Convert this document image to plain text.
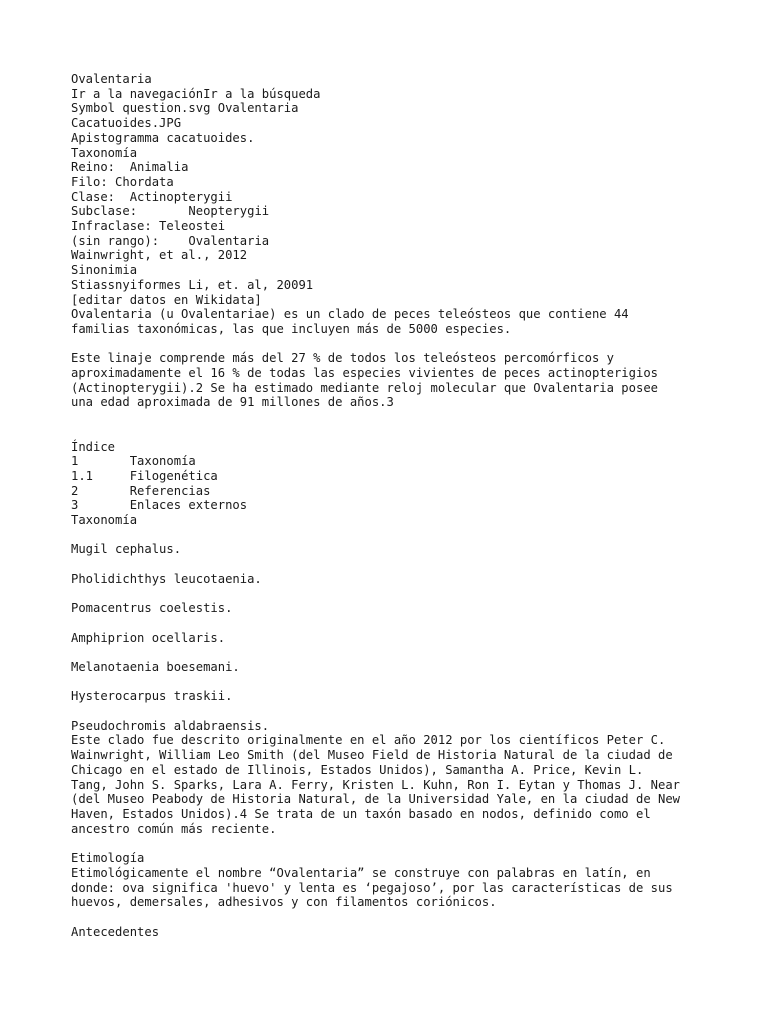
Ovalentaria
Ir a la navegaciónIr a la búsqueda
Symbol question.svg Ovalentaria
Cacatuoides.JPG
Apistogramma cacatuoides.
Taxonomía
Reino:	Animalia
Filo: Chordata
Clase:	Actinopterygii
Subclase:	Neopterygii
Infraclase: Teleostei
(sin rango):	Ovalentaria
Wainwright, et al., 2012
Sinonimia
Stiassnyiformes Li, et. al, 20091
[editar datos en Wikidata]
Ovalentaria (u Ovalentariae) es un clado de peces teleósteos que contiene 44
familias taxonómicas, las que incluyen más de 5000 especies.
Este linaje comprende más del 27 % de todos los teleósteos percomórficos y
aproximadamente el 16 % de todas las especies vivientes de peces actinopterigios
(Actinopterygii).2 Se ha estimado mediante reloj molecular que Ovalentaria posee
una edad aproximada de 91 millones de años.3
Índice
1	Taxonomía
1.1	Filogenética
2	Referencias
3	Enlaces externos
Taxonomía
Mugil cephalus.
Pholidichthys leucotaenia.
Pomacentrus coelestis.
Amphiprion ocellaris.
Melanotaenia boesemani.
Hysterocarpus traskii.
Pseudochromis aldabraensis.
Este clado fue descrito originalmente en el año 2012 por los científicos Peter C.
Wainwright, William Leo Smith (del Museo Field de Historia Natural de la ciudad de
Chicago en el estado de Illinois, Estados Unidos), Samantha A. Price, Kevin L.
Tang, John S. Sparks, Lara A. Ferry, Kristen L. Kuhn, Ron I. Eytan y Thomas J. Near
(del Museo Peabody de Historia Natural, de la Universidad Yale, en la ciudad de New
Haven, Estados Unidos).4 Se trata de un taxón basado en nodos, definido como el
ancestro común más reciente.
Etimología
Etimológicamente el nombre “Ovalentaria” se construye con palabras en latín, en
donde: ova significa 'huevo' y lenta es ‘pegajoso’, por las características de sus
huevos, demersales, adhesivos y con filamentos coriónicos.
Antecedentes
